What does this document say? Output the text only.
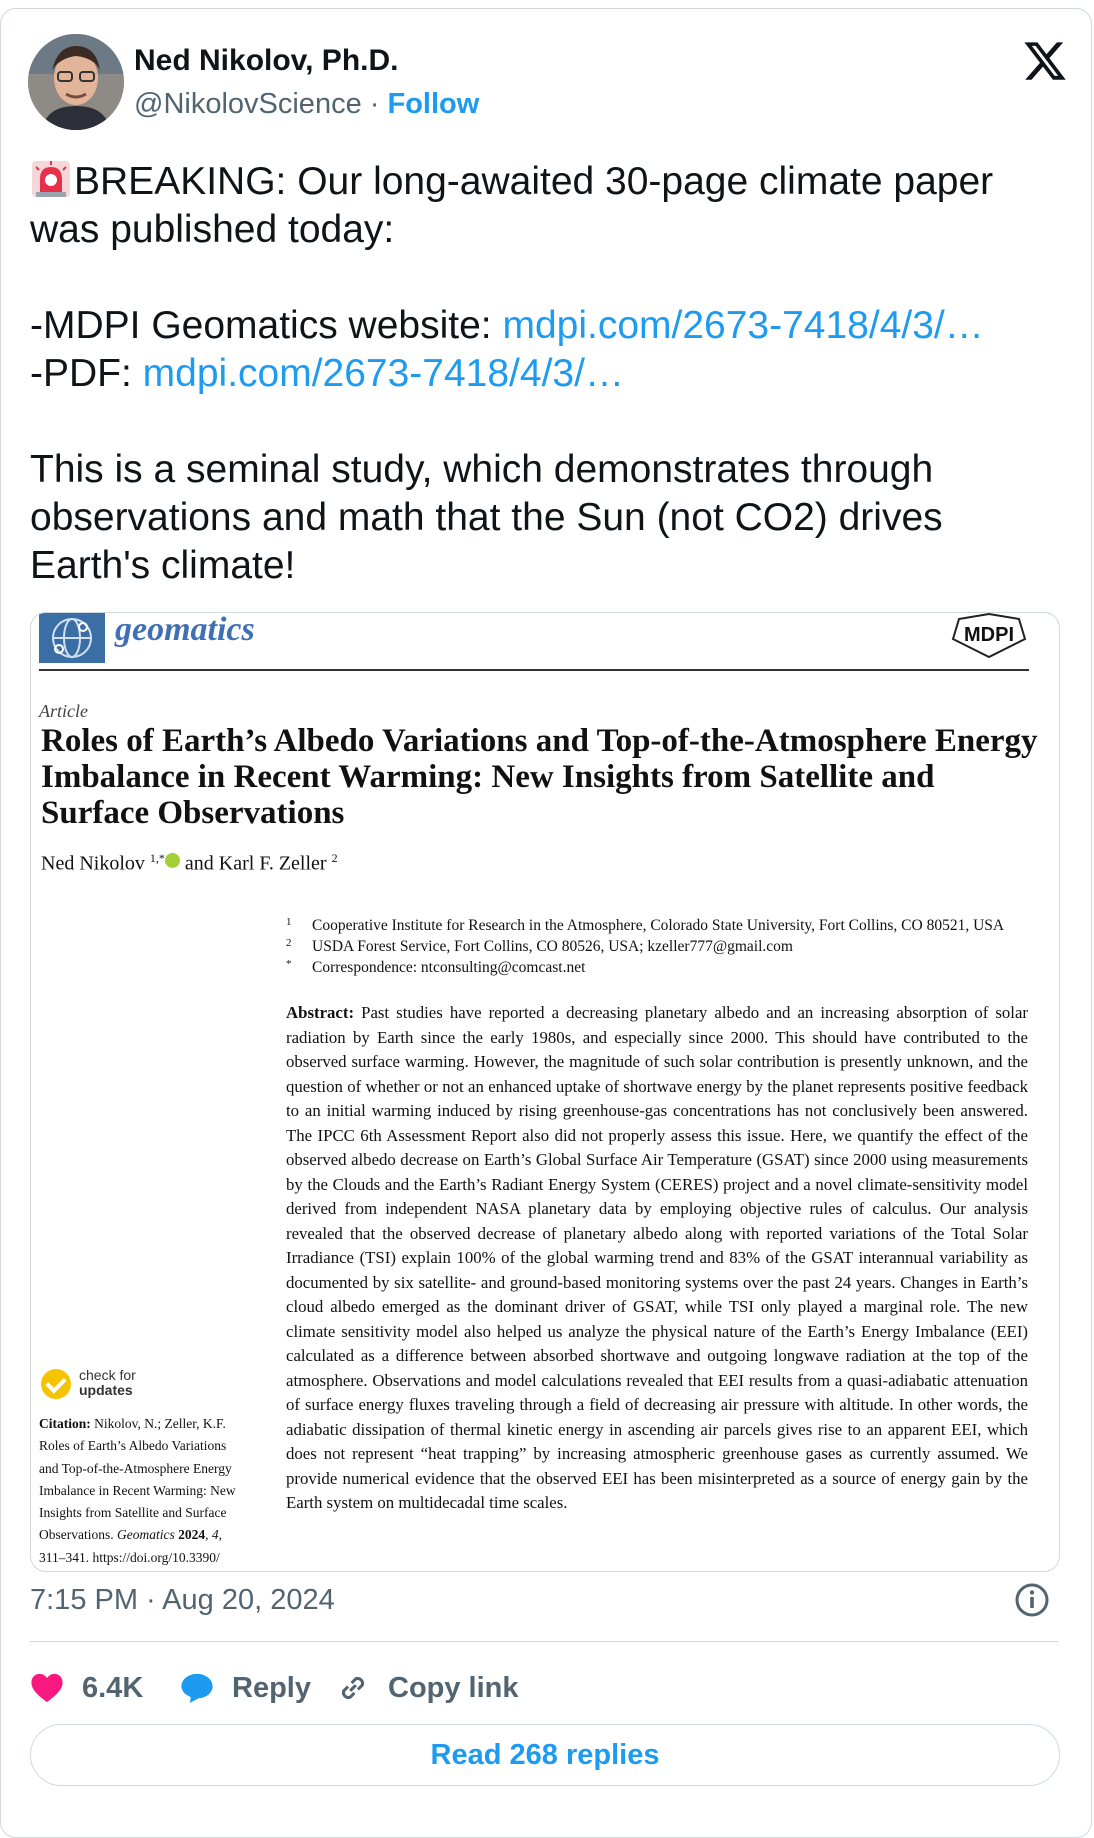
Ned Nikolov, Ph.D.
@NikolovScience · Follow
BREAKING: Our long-awaited 30-page climate paper was published today:

-MDPI Geomatics website: mdpi.com/2673-7418/4/3/…
-PDF: mdpi.com/2673-7418/4/3/…

This is a seminal study, which demonstrates through observations and math that the Sun (not CO2) drives Earth's climate!
geomatics	MDPI
Article
Roles of Earth’s Albedo Variations and Top-of-the-Atmosphere Energy Imbalance in Recent Warming: New Insights from Satellite and Surface Observations
Ned Nikolov $^{1,*}$ and Karl F. Zeller $^2$
1 Cooperative Institute for Research in the Atmosphere, Colorado State University, Fort Collins, CO 80521, USA
2 USDA Forest Service, Fort Collins, CO 80526, USA; kzeller777@gmail.com
* Correspondence: ntconsulting@comcast.net
Abstract: Past studies have reported a decreasing planetary albedo and an increasing absorption of solar radiation by Earth since the early 1980s, and especially since 2000. This should have contributed to the observed surface warming. However, the magnitude of such solar contribution is presently unknown, and the question of whether or not an enhanced uptake of shortwave energy by the planet represents positive feedback to an initial warming induced by rising greenhouse-gas concentrations has not conclusively been answered. The IPCC 6th Assessment Report also did not properly assess this issue. Here, we quantify the effect of the observed albedo decrease on Earth’s Global Surface Air Temperature (GSAT) since 2000 using measurements by the Clouds and the Earth’s Radiant Energy System (CERES) project and a novel climate-sensitivity model derived from independent NASA planetary data by employing objective rules of calculus. Our analysis revealed that the observed decrease of planetary albedo along with reported variations of the Total Solar Irradiance (TSI) explain 100% of the global warming trend and 83% of the GSAT interannual variability as documented by six satellite- and ground-based monitoring systems over the past 24 years. Changes in Earth’s cloud albedo emerged as the dominant driver of GSAT, while TSI only played a marginal role. The new climate sensitivity model also helped us analyze the physical nature of the Earth’s Energy Imbalance (EEI) calculated as a difference between absorbed shortwave and outgoing longwave radiation at the top of the atmosphere. Observations and model calculations revealed that EEI results from a quasi-adiabatic attenuation of surface energy fluxes traveling through a field of decreasing air pressure with altitude. In other words, the adiabatic dissipation of thermal kinetic energy in ascending air parcels gives rise to an apparent EEI, which does not represent “heat trapping” by increasing atmospheric greenhouse gases as currently assumed. We provide numerical evidence that the observed EEI has been misinterpreted as a source of energy gain by the Earth system on multidecadal time scales.
check for
updates
Citation: Nikolov, N.; Zeller, K.F. Roles of Earth’s Albedo Variations and Top-of-the-Atmosphere Energy Imbalance in Recent Warming: New Insights from Satellite and Surface Observations. Geomatics 2024, 4, 311–341. https://doi.org/10.3390/
7:15 PM · Aug 20, 2024
6.4K	Reply	Copy link
Read 268 replies
